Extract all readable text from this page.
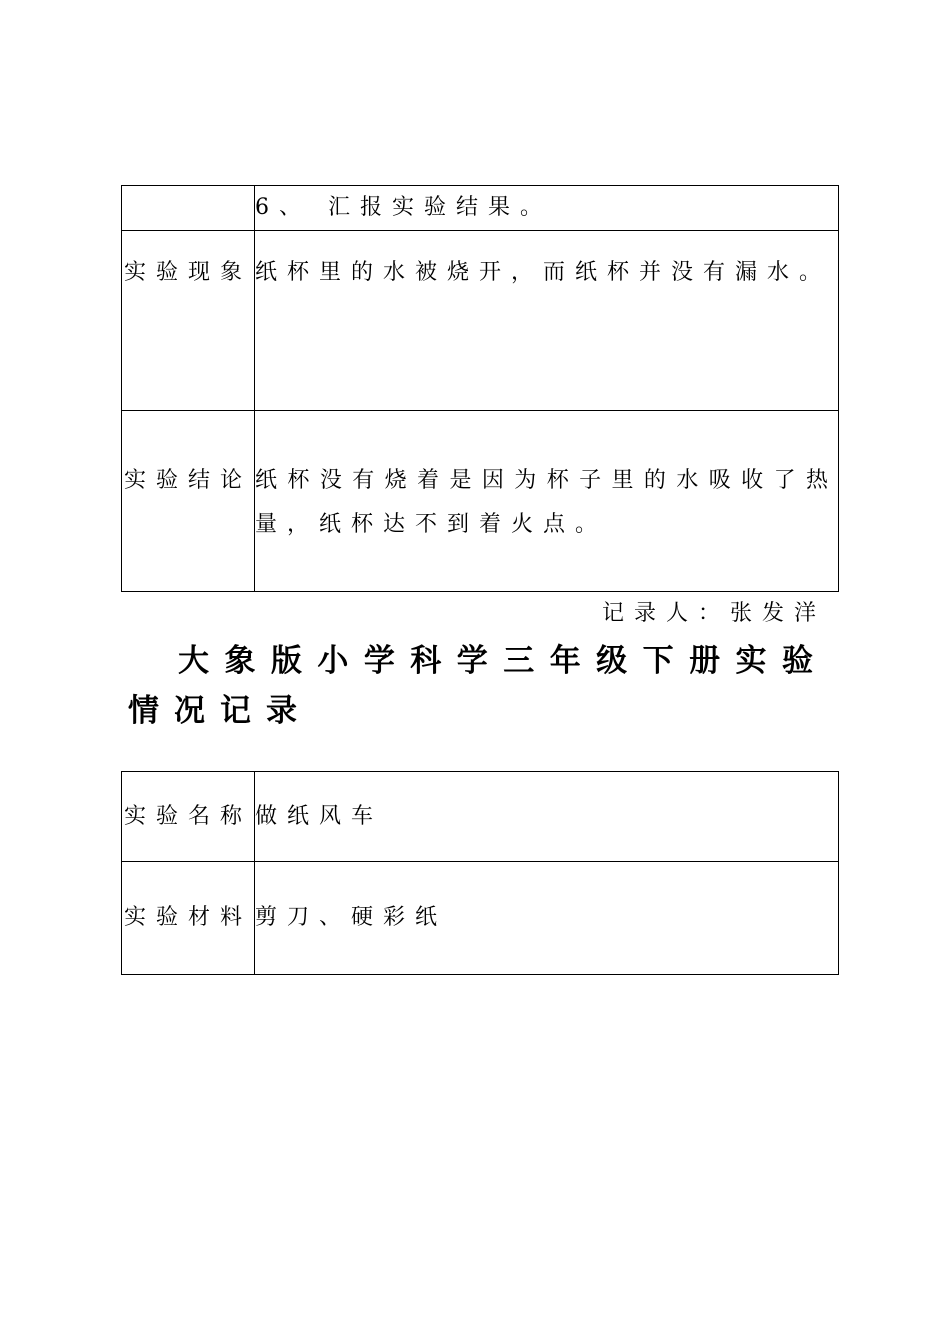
	6、 汇报实验结果。
实验现象	纸杯里的水被烧开，而纸杯并没有漏水。
实验结论	纸杯没有烧着是因为杯子里的水吸收了热量，纸杯达不到着火点。
记录人：张发洋
大象版小学科学三年级下册实验情况记录
实验名称	做纸风车
实验材料	剪刀、硬彩纸
